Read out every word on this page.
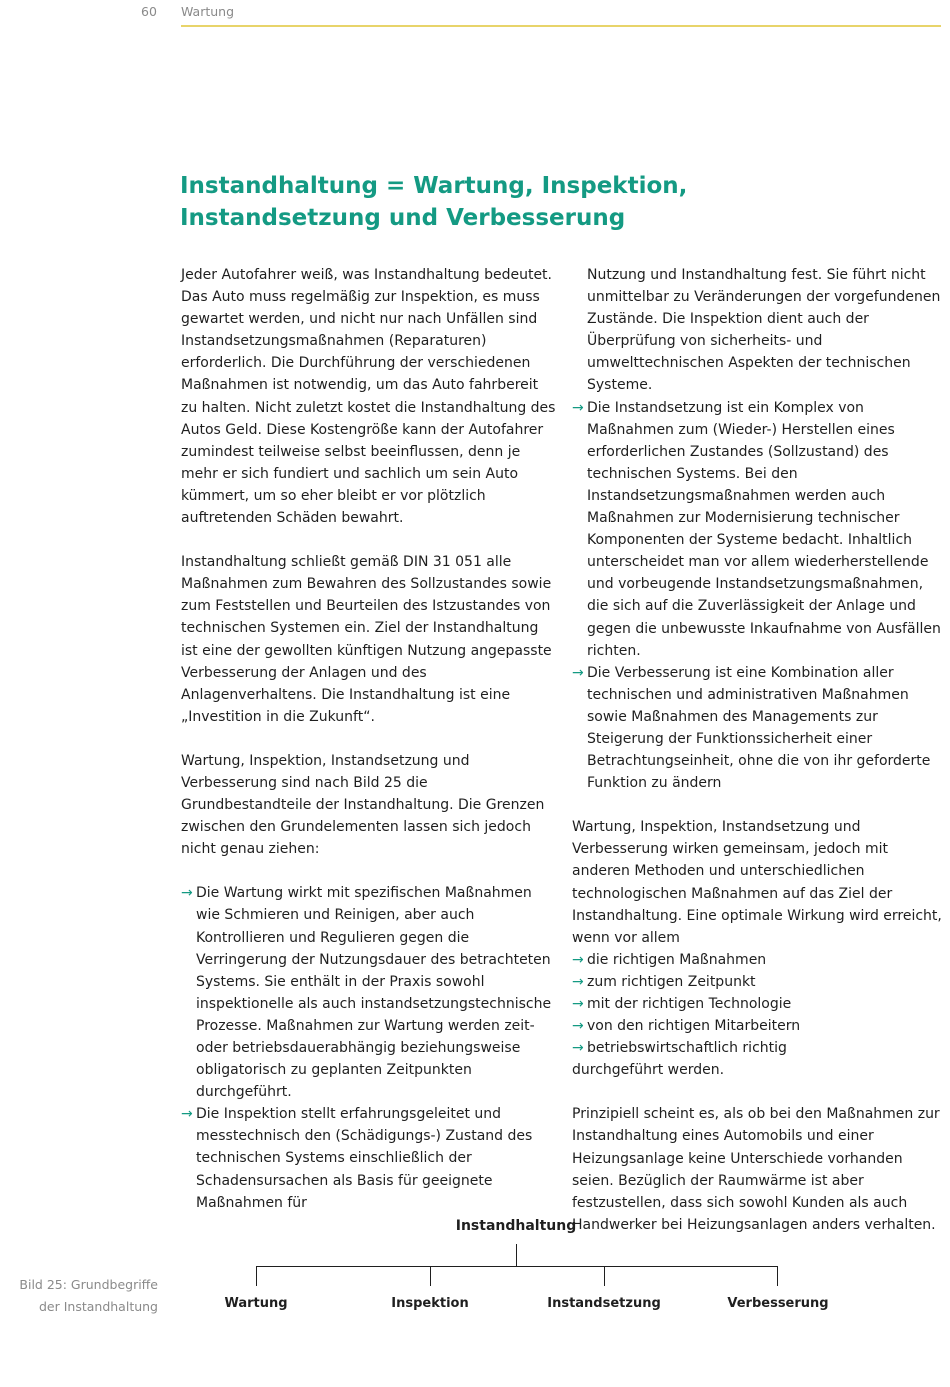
60 Wartung
Instandhaltung = Wartung, Inspektion,
Instandsetzung und Verbesserung

Jeder Autofahrer weiß, was Instandhaltung bedeutet. Das Auto muss regelmäßig zur Inspektion, es muss gewartet werden, und nicht nur nach Unfällen sind Instandsetzungsmaßnahmen (Reparaturen) erforderlich. Die Durchführung der verschiedenen Maßnahmen ist notwendig, um das Auto fahrbereit zu halten. Nicht zuletzt kostet die Instandhaltung des Autos Geld. Diese Kostengröße kann der Autofahrer zumindest teilweise selbst beeinflussen, denn je mehr er sich fundiert und sachlich um sein Auto kümmert, um so eher bleibt er vor plötzlich auftretenden Schäden bewahrt.

Instandhaltung schließt gemäß DIN 31 051 alle Maßnahmen zum Bewahren des Sollzustandes sowie zum Feststellen und Beurteilen des Istzustandes von technischen Systemen ein. Ziel der Instandhaltung ist eine der gewollten künftigen Nutzung angepasste Verbesserung der Anlagen und des Anlagenverhaltens. Die Instandhaltung ist eine „Investition in die Zukunft“.

Wartung, Inspektion, Instandsetzung und Verbesserung sind nach Bild 25 die Grundbestandteile der Instandhaltung. Die Grenzen zwischen den Grundelementen lassen sich jedoch nicht genau ziehen:

→ Die Wartung wirkt mit spezifischen Maßnahmen wie Schmieren und Reinigen, aber auch Kontrollieren und Regulieren gegen die Verringerung der Nutzungsdauer des betrachteten Systems. Sie enthält in der Praxis sowohl inspektionelle als auch instandsetzungstechnische Prozesse. Maßnahmen zur Wartung werden zeit- oder betriebsdauerabhängig beziehungsweise obligatorisch zu geplanten Zeitpunkten durchgeführt.
→ Die Inspektion stellt erfahrungsgeleitet und messtechnisch den (Schädigungs-) Zustand des technischen Systems einschließlich der Schadensursachen als Basis für geeignete Maßnahmen für
Nutzung und Instandhaltung fest. Sie führt nicht unmittelbar zu Veränderungen der vorgefundenen Zustände. Die Inspektion dient auch der Überprüfung von sicherheits- und umwelttechnischen Aspekten der technischen Systeme.
→ Die Instandsetzung ist ein Komplex von Maßnahmen zum (Wieder-) Herstellen eines erforderlichen Zustandes (Sollzustand) des technischen Systems. Bei den Instandsetzungsmaßnahmen werden auch Maßnahmen zur Modernisierung technischer Komponenten der Systeme bedacht. Inhaltlich unterscheidet man vor allem wiederherstellende und vorbeugende Instandsetzungsmaßnahmen, die sich auf die Zuverlässigkeit der Anlage und gegen die unbewusste Inkaufnahme von Ausfällen richten.
→ Die Verbesserung ist eine Kombination aller technischen und administrativen Maßnahmen sowie Maßnahmen des Managements zur Steigerung der Funktionssicherheit einer Betrachtungseinheit, ohne die von ihr geforderte Funktion zu ändern

Wartung, Inspektion, Instandsetzung und Verbesserung wirken gemeinsam, jedoch mit anderen Methoden und unterschiedlichen technologischen Maßnahmen auf das Ziel der Instandhaltung. Eine optimale Wirkung wird erreicht, wenn vor allem

→ die richtigen Maßnahmen
→ zum richtigen Zeitpunkt
→ mit der richtigen Technologie
→ von den richtigen Mitarbeitern
→ betriebswirtschaftlich richtig

durchgeführt werden.

Prinzipiell scheint es, als ob bei den Maßnahmen zur Instandhaltung eines Automobils und einer Heizungsanlage keine Unterschiede vorhanden seien. Bezüglich der Raumwärme ist aber festzustellen, dass sich sowohl Kunden als auch Handwerker bei Heizungsanlagen anders verhalten.

Bild 25: Grundbegriffe
der Instandhaltung
Instandhaltung
Wartung	Inspektion	Instandsetzung	Verbesserung
